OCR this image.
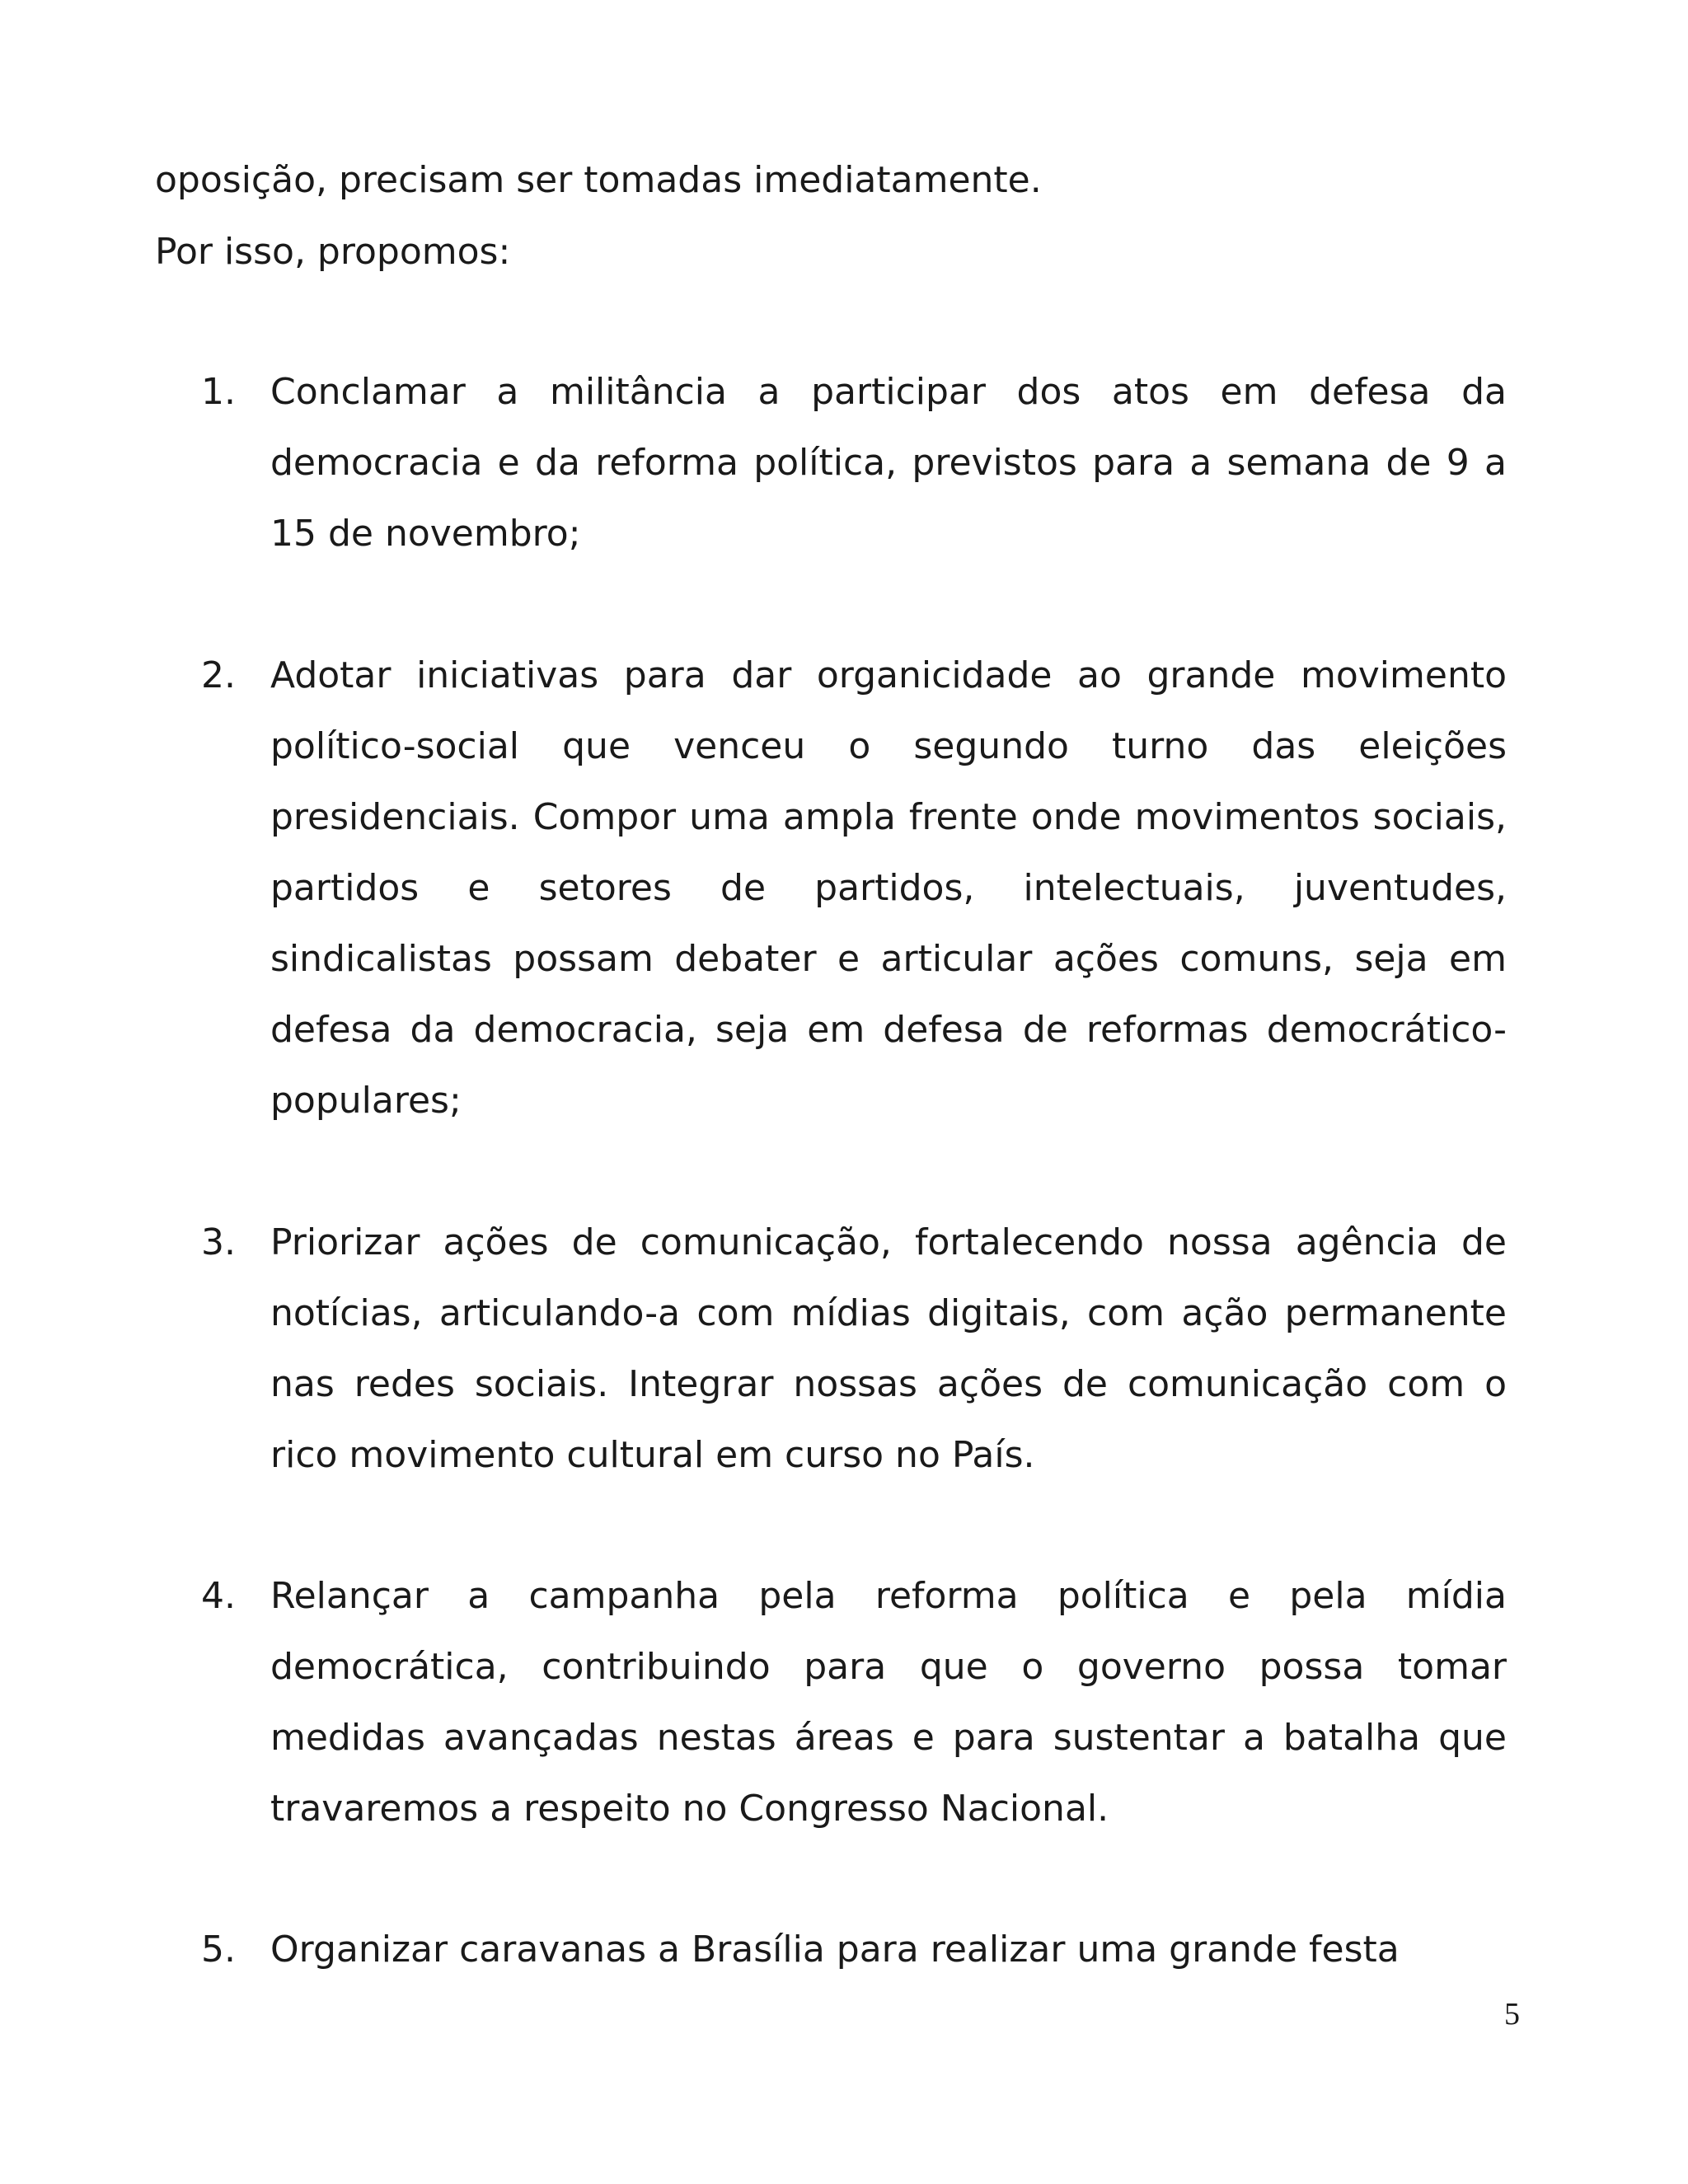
oposição, precisam ser tomadas imediatamente.
Por isso, propomos:
1. Conclamar a militância a participar dos atos em defesa da democracia e da reforma política, previstos para a semana de 9 a 15 de novembro;

2. Adotar iniciativas para dar organicidade ao grande movimento político-social que venceu o segundo turno das eleições presidenciais. Compor uma ampla frente onde movimentos sociais, partidos e setores de partidos, intelectuais, juventudes, sindicalistas possam debater e articular ações comuns, seja em defesa da democracia, seja em defesa de reformas democrático-populares;

3. Priorizar ações de comunicação, fortalecendo nossa agência de notícias, articulando-a com mídias digitais, com ação permanente nas redes sociais. Integrar nossas ações de comunicação com o rico movimento cultural em curso no País.

4. Relançar a campanha pela reforma política e pela mídia democrática, contribuindo para que o governo possa tomar medidas avançadas nestas áreas e para sustentar a batalha que travaremos a respeito no Congresso Nacional.

5. Organizar caravanas a Brasília para realizar uma grande festa

5
